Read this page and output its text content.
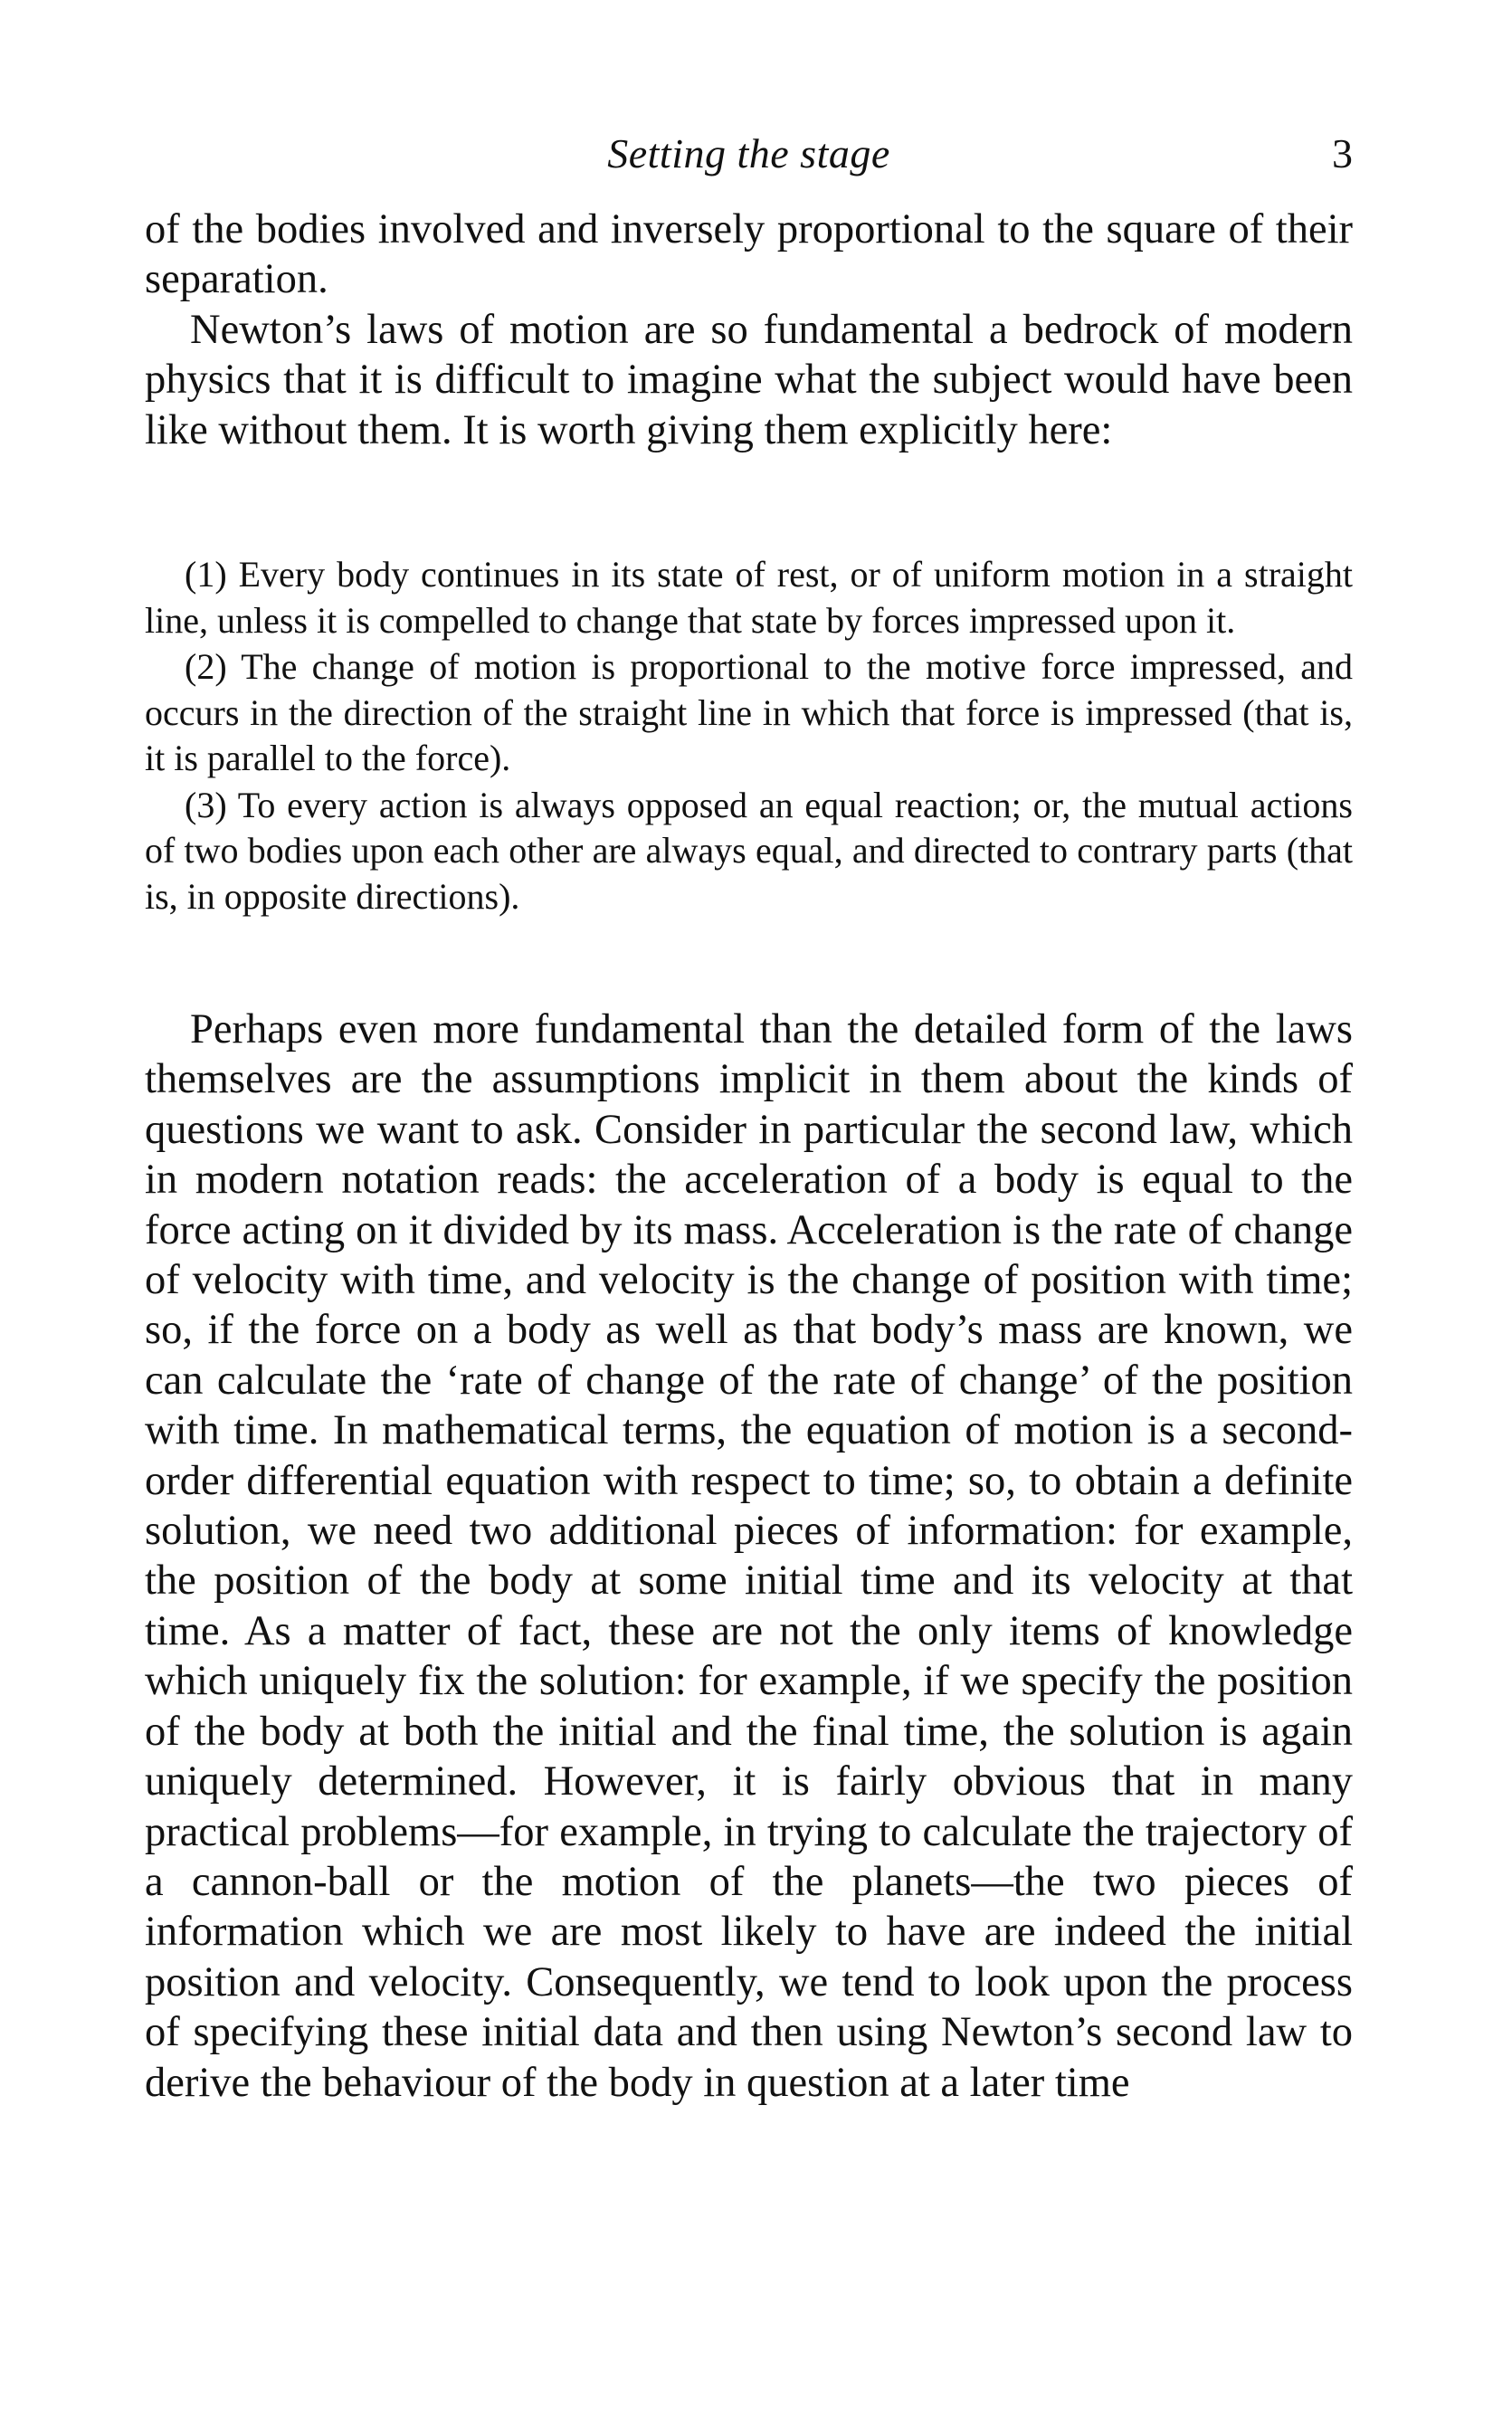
Setting the stage	3

of the bodies involved and inversely proportional to the square of their separation.

Newton’s laws of motion are so fundamental a bedrock of modern physics that it is difficult to imagine what the subject would have been like without them. It is worth giving them explicitly here:

(1) Every body continues in its state of rest, or of uniform motion in a straight line, unless it is compelled to change that state by forces impressed upon it.

(2) The change of motion is proportional to the motive force impressed, and occurs in the direction of the straight line in which that force is impressed (that is, it is parallel to the force).

(3) To every action is always opposed an equal reaction; or, the mutual actions of two bodies upon each other are always equal, and directed to contrary parts (that is, in opposite directions).

Perhaps even more fundamental than the detailed form of the laws themselves are the assumptions implicit in them about the kinds of questions we want to ask. Consider in particular the second law, which in modern notation reads: the acceleration of a body is equal to the force acting on it divided by its mass. Acceleration is the rate of change of velocity with time, and velocity is the change of position with time; so, if the force on a body as well as that body’s mass are known, we can calculate the ‘rate of change of the rate of change’ of the position with time. In mathematical terms, the equation of motion is a second-order differential equation with respect to time; so, to obtain a definite solution, we need two additional pieces of information: for example, the position of the body at some initial time and its velocity at that time. As a matter of fact, these are not the only items of knowledge which uniquely fix the solution: for example, if we specify the position of the body at both the initial and the final time, the solution is again uniquely determined. However, it is fairly obvious that in many practical problems—for example, in trying to calculate the trajectory of a cannon-ball or the motion of the planets—the two pieces of information which we are most likely to have are indeed the initial position and velocity. Consequently, we tend to look upon the process of specifying these initial data and then using Newton’s second law to derive the behaviour of the body in question at a later time
